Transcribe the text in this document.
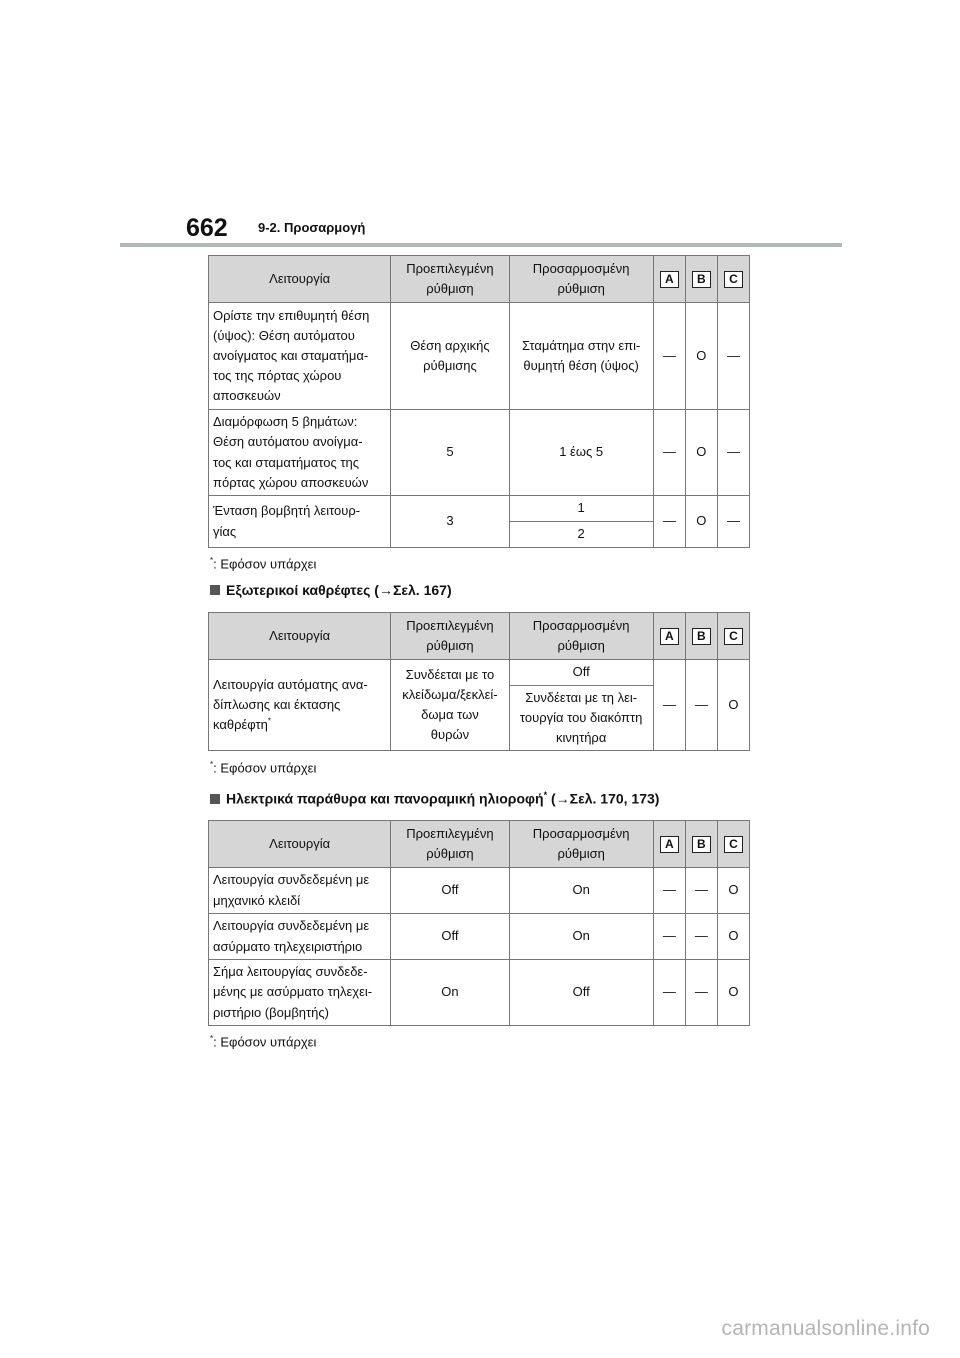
662 9-2. Προσαρμογή
Λειτουργία	Προεπιλεγμένη
ρύθμιση	Προσαρμοσμένη
ρύθμιση	A	B	C
Ορίστε την επιθυμητή θέση
(ύψος): Θέση αυτόματου
ανοίγματος και σταματήμα-
τος της πόρτας χώρου
αποσκευών	Θέση αρχικής
ρύθμισης	Σταμάτημα στην επι-
θυμητή θέση (ύψος)	—	O	—
Διαμόρφωση 5 βημάτων:
Θέση αυτόματου ανοίγμα-
τος και σταματήματος της
πόρτας χώρου αποσκευών	5	1 έως 5	—	O	—
Ένταση βομβητή λειτουρ-
γίας	3	1	—	O	—
		2			
*: Εφόσον υπάρχει
Εξωτερικοί καθρέφτες (→Σελ. 167)
Λειτουργία	Προεπιλεγμένη
ρύθμιση	Προσαρμοσμένη
ρύθμιση	A	B	C
Λειτουργία αυτόματης ανα-
δίπλωσης και έκτασης
καθρέφτη*	Συνδέεται με το
κλείδωμα/ξεκλεί-
δωμα των
θυρών	Off	—	—	O
		Συνδέεται με τη λει-
τουργία του διακόπτη
κινητήρα			
*: Εφόσον υπάρχει
Ηλεκτρικά παράθυρα και πανοραμική ηλιοροφή* (→Σελ. 170, 173)
Λειτουργία	Προεπιλεγμένη
ρύθμιση	Προσαρμοσμένη
ρύθμιση	A	B	C
Λειτουργία συνδεδεμένη με
μηχανικό κλειδί	Off	On	—	—	O
Λειτουργία συνδεδεμένη με
ασύρματο τηλεχειριστήριο	Off	On	—	—	O
Σήμα λειτουργίας συνδεδε-
μένης με ασύρματο τηλεχει-
ριστήριο (βομβητής)	On	Off	—	—	O
*: Εφόσον υπάρχει
carmanualsonline.info
